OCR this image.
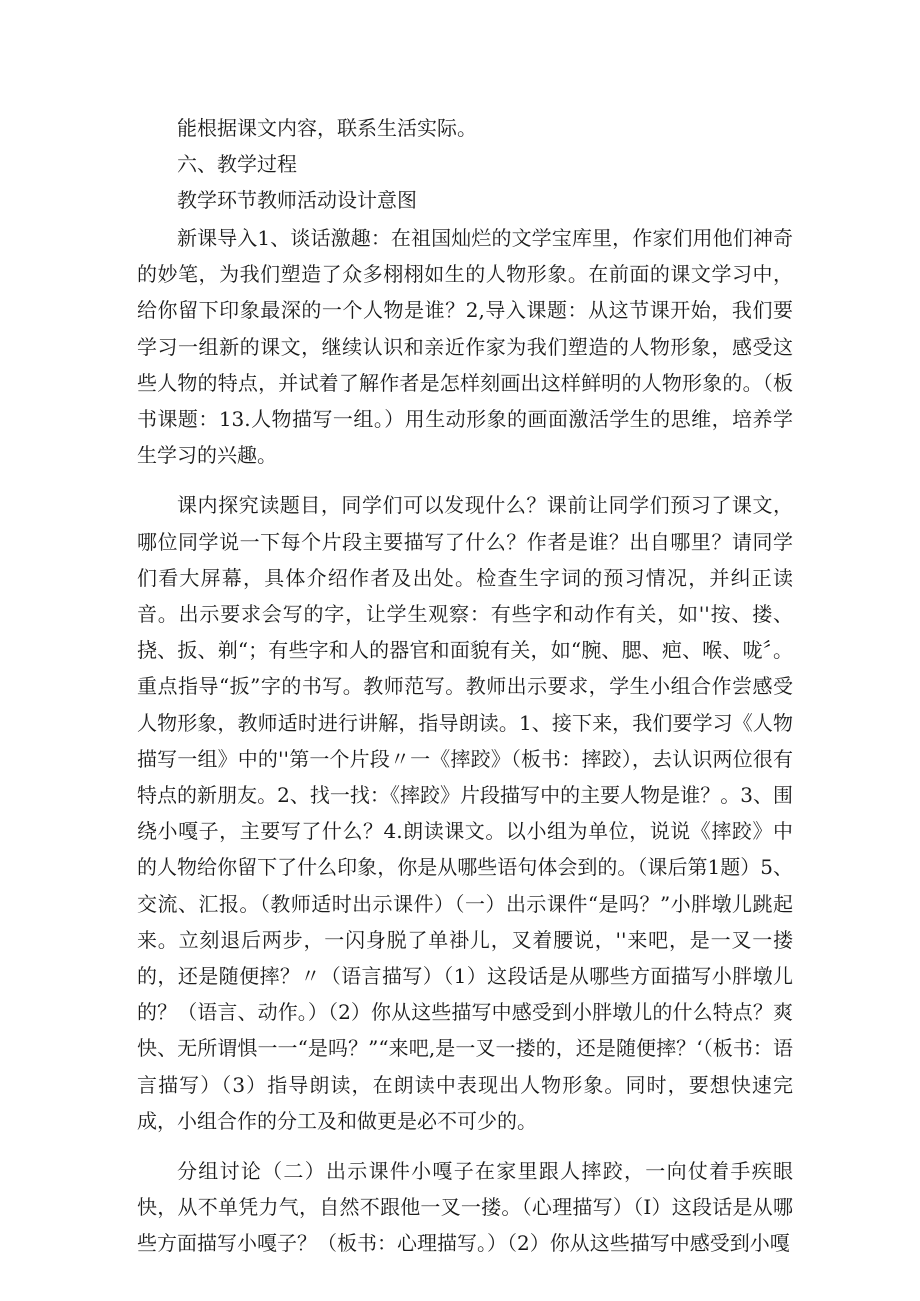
能根据课文内容，联系生活实际。

六、教学过程

教学环节教师活动设计意图

新课导入1、谈话激趣：在祖国灿烂的文学宝库里，作家们用他们神奇的妙笔，为我们塑造了众多栩栩如生的人物形象。在前面的课文学习中，给你留下印象最深的一个人物是谁？2,导入课题：从这节课开始，我们要学习一组新的课文，继续认识和亲近作家为我们塑造的人物形象，感受这些人物的特点，并试着了解作者是怎样刻画出这样鲜明的人物形象的。（板书课题：13.人物描写一组。）用生动形象的画面激活学生的思维，培养学生学习的兴趣。

课内探究读题目，同学们可以发现什么？课前让同学们预习了课文，哪位同学说一下每个片段主要描写了什么？作者是谁？出自哪里？请同学们看大屏幕，具体介绍作者及出处。检查生字词的预习情况，并纠正读音。出示要求会写的字，让学生观察：有些字和动作有关，如''按、搂、挠、扳、剃“；有些字和人的器官和面貌有关，如“腕、腮、疤、喉、咙〞。重点指导“扳”字的书写。教师范写。教师出示要求，学生小组合作尝感受人物形象，教师适时进行讲解，指导朗读。1、接下来，我们要学习《人物描写一组》中的''第一个片段〃一《摔跤》（板书：摔跤），去认识两位很有特点的新朋友。2、找一找：《摔跤》片段描写中的主要人物是谁？。3、围绕小嘎子，主要写了什么？4.朗读课文。以小组为单位，说说《摔跤》中的人物给你留下了什么印象，你是从哪些语句体会到的。（课后第1题）5、交流、汇报。（教师适时出示课件）（一）出示课件“是吗？”小胖墩儿跳起来。立刻退后两步，一闪身脱了单褂儿，叉着腰说，''来吧，是一叉一搂的，还是随便摔？〃（语言描写）（1）这段话是从哪些方面描写小胖墩儿的？（语言、动作。）（2）你从这些描写中感受到小胖墩儿的什么特点？爽快、无所谓惧一一“是吗？”“来吧,是一叉一搂的，还是随便摔？‘（板书：语言描写）（3）指导朗读，在朗读中表现出人物形象。同时，要想快速完成，小组合作的分工及和做更是必不可少的。

分组讨论（二）出示课件小嘎子在家里跟人摔跤，一向仗着手疾眼快，从不单凭力气，自然不跟他一叉一搂。（心理描写）（I）这段话是从哪些方面描写小嘎子？（板书：心理描写。）（2）你从这些描写中感受到小嘎
